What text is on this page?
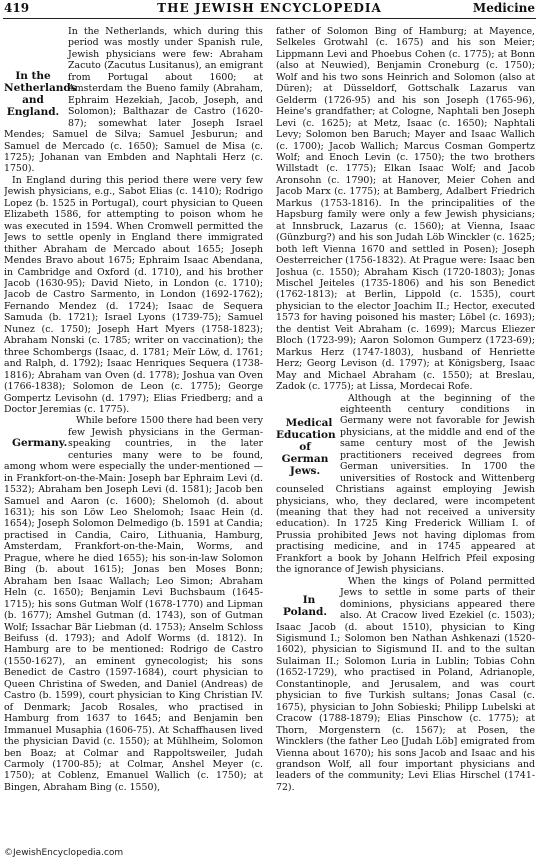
419	THE JEWISH ENCYCLOPEDIA	Medicine

In the Netherlands and England.
In the Netherlands, which during this period was mostly under Spanish rule, Jewish physicians were few: Abraham Zacuto (Zacutus Lusitanus), an emigrant from Portugal about 1600; at Amsterdam the Bueno family (Abraham, Ephraim Hezekiah, Jacob, Joseph, and Solomon); Balthazar de Castro (1620-87); somewhat later Joseph Israel Mendes; Samuel de Silva; Samuel Jesburun; and Samuel de Mercado (c. 1650); Samuel de Misa (c. 1725); Johanan van Embden and Naphtali Herz (c. 1750).

In England during this period there were very few Jewish physicians, e.g., Sabot Elias (c. 1410); Rodrigo Lopez (b. 1525 in Portugal), court physician to Queen Elizabeth 1586, for attempting to poison whom he was executed in 1594. When Cromwell permitted the Jews to settle openly in England there immigrated thither Abraham de Mercado about 1655; Joseph Mendes Bravo about 1675; Ephraim Isaac Abendana, in Cambridge and Oxford (d. 1710), and his brother Jacob (1630-95); David Nieto, in London (c. 1710); Jacob de Castro Sarmento, in London (1692-1762); Fernando Mendez (d. 1724); Isaac de Sequera Samuda (b. 1721); Israel Lyons (1739-75); Samuel Nunez (c. 1750); Joseph Hart Myers (1758-1823); Abraham Nonski (c. 1785; writer on vaccination); the three Schombergs (Isaac, d. 1781; Meïr Löw, d. 1761; and Ralph, d. 1792); Isaac Henriques Sequera (1738-1816); Abraham van Oven (d. 1778); Joshua van Oven (1766-1838); Solomon de Leon (c. 1775); George Gompertz Levisohn (d. 1797); Elias Friedberg; and a Doctor Jeremias (c. 1775).

Germany.
While before 1500 there had been very few Jewish physicians in the German-speaking countries, in the later centuries many were to be found, among whom were especially the under-mentioned — in Frankfort-on-the-Main: Joseph bar Ephraim Levi (d. 1532); Abraham ben Joseph Levi (d. 1581); Jacob ben Samuel and Aaron (c. 1600); Shelomoh (d. about 1631); his son Löw Leo Shelomoh; Isaac Hein (d. 1654); Joseph Solomon Delmedigo (b. 1591 at Candia; practised in Candia, Cairo, Lithuania, Hamburg, Amsterdam, Frankfort-on-the-Main, Worms, and Prague, where he died 1655); his son-in-law Solomon Bing (b. about 1615); Jonas ben Moses Bonn; Abraham ben Isaac Wallach; Leo Simon; Abraham Heln (c. 1650); Benjamin Levi Buchsbaum (1645-1715); his sons Gutman Wolf (1678-1770) and Lipman (b. 1677); Amshel Gutman (d. 1743), son of Gutman Wolf; Issachar Bär Liebman (d. 1753); Anselm Schloss Beifuss (d. 1793); and Adolf Worms (d. 1812). In Hamburg are to be mentioned: Rodrigo de Castro (1550-1627), an eminent gynecologist; his sons Benedict de Castro (1597-1684), court physician to Queen Christina of Sweden, and Daniel (Andreas) de Castro (b. 1599), court physician to King Christian IV. of Denmark; Jacob Rosales, who practised in Hamburg from 1637 to 1645; and Benjamin ben Immanuel Musaphia (1606-75). At Schaffhausen lived the physician David (c. 1550); at Mühlheim, Solomon ben Boaz; at Colmar and Rappoltsweiler, Judah Carmoly (1700-85); at Colmar, Anshel Meyer (c. 1750); at Coblenz, Emanuel Wallich (c. 1750); at Bingen, Abraham Bing (c. 1550),

father of Solomon Bing of Hamburg; at Mayence, Selkeles Grotwahl (c. 1675) and his son Meier; Lippmann Levi and Phoebus Cohen (c. 1775); at Bonn (also at Neuwied), Benjamin Croneburg (c. 1750); Wolf and his two sons Heinrich and Solomon (also at Düren); at Düsseldorf, Gottschalk Lazarus van Gelderm (1726-95) and his son Joseph (1765-96), Heine's grandfather; at Cologne, Naphtali ben Joseph Levi (c. 1625); at Metz, Isaac (c. 1650); Naphtali Levy; Solomon ben Baruch; Mayer and Isaac Wallich (c. 1700); Jacob Wallich; Marcus Cosman Gompertz Wolf; and Enoch Levin (c. 1750); the two brothers Willstadt (c. 1775); Elkan Isaac Wolf; and Jacob Aronsohn (c. 1790); at Hanover, Meier Cohen and Jacob Marx (c. 1775); at Bamberg, Adalbert Friedrich Markus (1753-1816). In the principalities of the Hapsburg family were only a few Jewish physicians; at Innsbruck, Lazarus (c. 1560); at Vienna, Isaac (Günzburg?) and his son Judah Löb Winckler (c. 1625; both left Vienna 1670 and settled in Posen); Joseph Oesterreicher (1756-1832). At Prague were: Isaac ben Joshua (c. 1550); Abraham Kisch (1720-1803); Jonas Mischel Jeiteles (1735-1806) and his son Benedict (1762-1813); at Berlin, Lippold (c. 1535), court physician to the elector Joachim II.; Hector, executed 1573 for having poisoned his master; Löbel (c. 1693); the dentist Veit Abraham (c. 1699); Marcus Eliezer Bloch (1723-99); Aaron Solomon Gumperz (1723-69); Markus Herz (1747-1803), husband of Henriette Herz; Georg Levison (d. 1797); at Königsberg, Isaac May and Michael Abraham (c. 1550); at Breslau, Zadok (c. 1775); at Lissa, Mordecai Rofe.

Medical Education of German Jews.
Although at the beginning of the eighteenth century conditions in Germany were not favorable for Jewish physicians, at the middle and end of the same century most of the Jewish practitioners received degrees from German universities. In 1700 the universities of Rostock and Wittenberg counseled Christians against employing Jewish physicians, who, they declared, were incompetent (meaning that they had not received a university education). In 1725 King Frederick William I. of Prussia prohibited Jews not having diplomas from practising medicine, and in 1745 appeared at Frankfort a book by Johann Helfrich Pfeil exposing the ignorance of Jewish physicians.

In Poland.
When the kings of Poland permitted Jews to settle in some parts of their dominions, physicians appeared there also. At Cracow lived Ezekiel (c. 1503); Isaac Jacob (d. about 1510), physician to King Sigismund I.; Solomon ben Nathan Ashkenazi (1520-1602), physician to Sigismund II. and to the sultan Sulaiman II.; Solomon Luria in Lublin; Tobias Cohn (1652-1729), who practised in Poland, Adrianople, Constantinople, and Jerusalem, and was court physician to five Turkish sultans; Jonas Casal (c. 1675), physician to John Sobieski; Philipp Lubelski at Cracow (1788-1879); Elias Pinschow (c. 1775); at Thorn, Morgenstern (c. 1567); at Posen, the Wincklers (the father Leo [Judah Löb] emigrated from Vienna about 1670); his sons Jacob and Isaac and his grandson Wolf, all four important physicians and leaders of the community; Levi Elias Hirschel (1741-72).

©JewishEncyclopedia.com
